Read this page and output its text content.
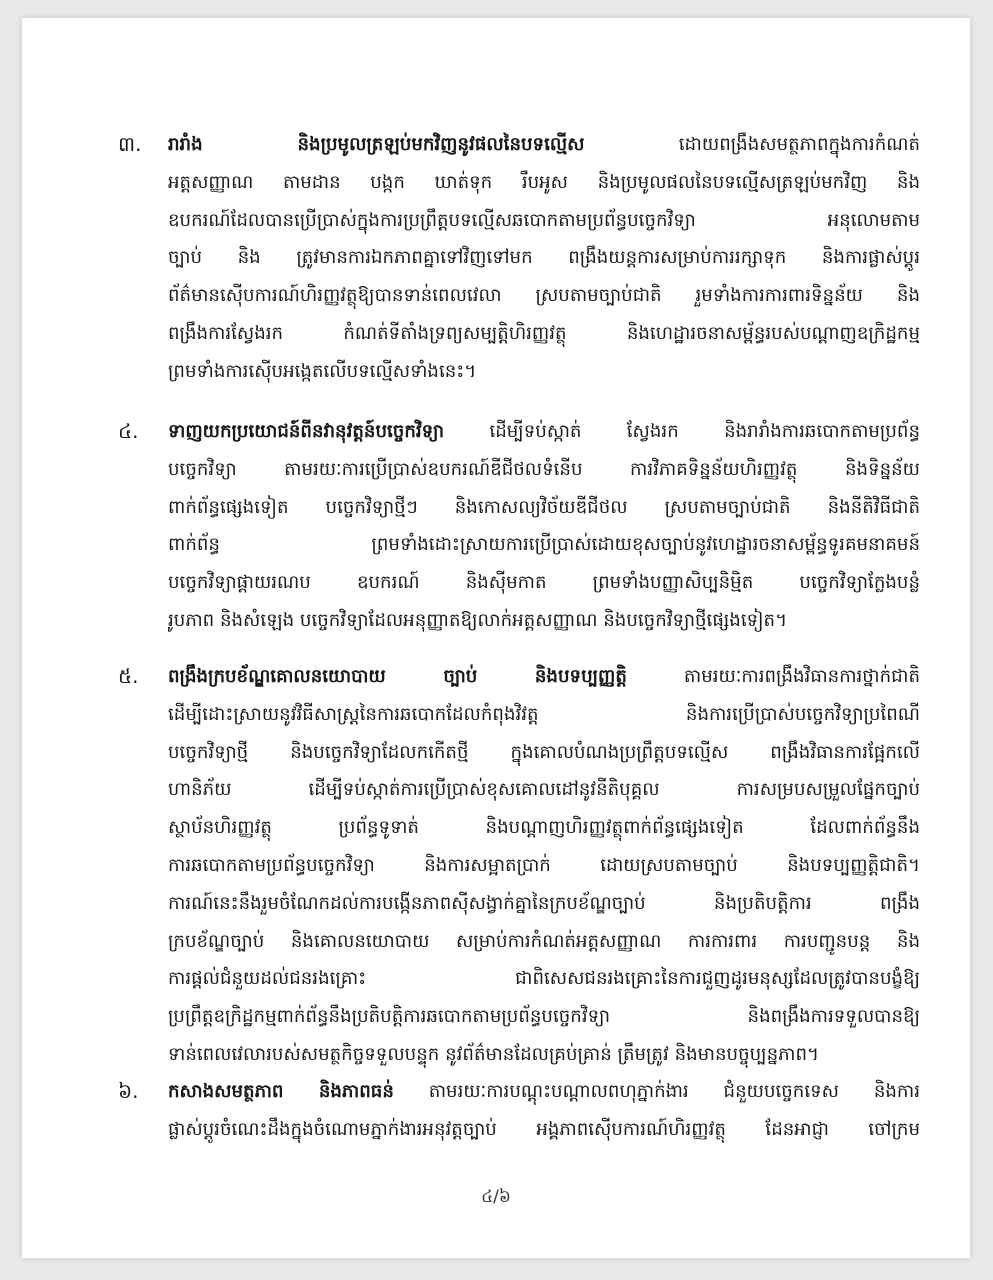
៣.	រារាំង និងប្រមូលត្រឡប់មកវិញនូវផលនៃបទល្មើស ដោយពង្រឹងសមត្ថភាពក្នុងការកំណត់
អត្តសញ្ញាណ តាមដាន បង្កក ឃាត់ទុក រឹបអូស និងប្រមូលផលនៃបទល្មើសត្រឡប់មកវិញ និង
ឧបករណ៍ដែលបានប្រើប្រាស់ក្នុងការប្រព្រឹត្តបទល្មើសឆបោកតាមប្រព័ន្ធបច្ចេកវិទ្យា អនុលោមតាម
ច្បាប់ និង ត្រូវមានការឯកភាពគ្នាទៅវិញទៅមក ពង្រឹងយន្តការសម្រាប់ការរក្សាទុក និងការផ្លាស់ប្តូរ
ព័ត៌មានស៊ើបការណ៍ហិរញ្ញវត្ថុឱ្យបានទាន់ពេលវេលា ស្របតាមច្បាប់ជាតិ រួមទាំងការការពារទិន្នន័យ និង
ពង្រឹងការស្វែងរក កំណត់ទីតាំងទ្រព្យសម្បត្តិហិរញ្ញវត្ថុ និងហេដ្ឋារចនាសម្ព័ន្ធរបស់បណ្តាញឧក្រិដ្ឋកម្ម
ព្រមទាំងការស៊ើបអង្កេតលើបទល្មើសទាំងនេះ។
៤.	ទាញយកប្រយោជន៍ពីនវានុវត្តន៍បច្ចេកវិទ្យា ដើម្បីទប់ស្កាត់ ស្វែងរក និងរារាំងការឆបោកតាមប្រព័ន្ធ
បច្ចេកវិទ្យា តាមរយៈការប្រើប្រាស់ឧបករណ៍ឌីជីថលទំនើប ការវិភាគទិន្នន័យហិរញ្ញវត្ថុ និងទិន្នន័យ
ពាក់ព័ន្ធផ្សេងទៀត បច្ចេកវិទ្យាថ្មីៗ និងកោសល្យវិច័យឌីជីថល ស្របតាមច្បាប់ជាតិ និងនីតិវិធីជាតិ
ពាក់ព័ន្ធ ព្រមទាំងដោះស្រាយការប្រើប្រាស់ដោយខុសច្បាប់នូវហេដ្ឋារចនាសម្ព័ន្ធទូរគមនាគមន៍
បច្ចេកវិទ្យាផ្តាយរណប ឧបករណ៍ និងស៊ីមកាត ព្រមទាំងបញ្ញាសិប្បនិម្មិត បច្ចេកវិទ្យាក្លែងបន្លំ
រូបភាព និងសំឡេង បច្ចេកវិទ្យាដែលអនុញ្ញាតឱ្យលាក់អត្តសញ្ញាណ និងបច្ចេកវិទ្យាថ្មីផ្សេងទៀត។
៥.	ពង្រឹងក្របខ័ណ្ឌគោលនយោបាយ ច្បាប់ និងបទប្បញ្ញត្តិ តាមរយៈការពង្រឹងវិធានការថ្នាក់ជាតិ
ដើម្បីដោះស្រាយនូវវិធីសាស្ត្រនៃការឆបោកដែលកំពុងវិវត្ត និងការប្រើប្រាស់បច្ចេកវិទ្យាប្រពៃណី
បច្ចេកវិទ្យាថ្មី និងបច្ចេកវិទ្យាដែលកកើតថ្មី ក្នុងគោលបំណងប្រព្រឹត្តបទល្មើស ពង្រឹងវិធានការផ្អែកលើ
ហានិភ័យ ដើម្បីទប់ស្កាត់ការប្រើប្រាស់ខុសគោលដៅនូវនីតិបុគ្គល ការសម្របសម្រួលផ្នែកច្បាប់
ស្ថាប័នហិរញ្ញវត្ថុ ប្រព័ន្ធទូទាត់ និងបណ្តាញហិរញ្ញវត្ថុពាក់ព័ន្ធផ្សេងទៀត ដែលពាក់ព័ន្ធនឹង
ការឆបោកតាមប្រព័ន្ធបច្ចេកវិទ្យា និងការសម្អាតប្រាក់ ដោយស្របតាមច្បាប់ និងបទប្បញ្ញត្តិជាតិ។
ការណ៍នេះនឹងរួមចំណែកដល់ការបង្កើនភាពស៊ីសង្វាក់គ្នានៃក្របខ័ណ្ឌច្បាប់ និងប្រតិបត្តិការ ពង្រឹង
ក្របខ័ណ្ឌច្បាប់ និងគោលនយោបាយ សម្រាប់ការកំណត់អត្តសញ្ញាណ ការការពារ ការបញ្ជូនបន្ត និង
ការផ្តល់ជំនួយដល់ជនរងគ្រោះ ជាពិសេសជនរងគ្រោះនៃការជួញដូរមនុស្សដែលត្រូវបានបង្ខំឱ្យ
ប្រព្រឹត្តឧក្រិដ្ឋកម្មពាក់ព័ន្ធនឹងប្រតិបត្តិការឆបោកតាមប្រព័ន្ធបច្ចេកវិទ្យា និងពង្រឹងការទទួលបានឱ្យ
ទាន់ពេលវេលារបស់សមត្ថកិច្ចទទួលបន្ទុក នូវព័ត៌មានដែលគ្រប់គ្រាន់ ត្រឹមត្រូវ និងមានបច្ចុប្បន្នភាព។
៦.	កសាងសមត្ថភាព និងភាពធន់ តាមរយៈការបណ្តុះបណ្តាលពហុភ្នាក់ងារ ជំនួយបច្ចេកទេស និងការ
ផ្លាស់ប្តូរចំណេះដឹងក្នុងចំណោមភ្នាក់ងារអនុវត្តច្បាប់ អង្គភាពស៊ើបការណ៍ហិរញ្ញវត្ថុ ដែនអាជ្ញា ចៅក្រម
៤/៦
